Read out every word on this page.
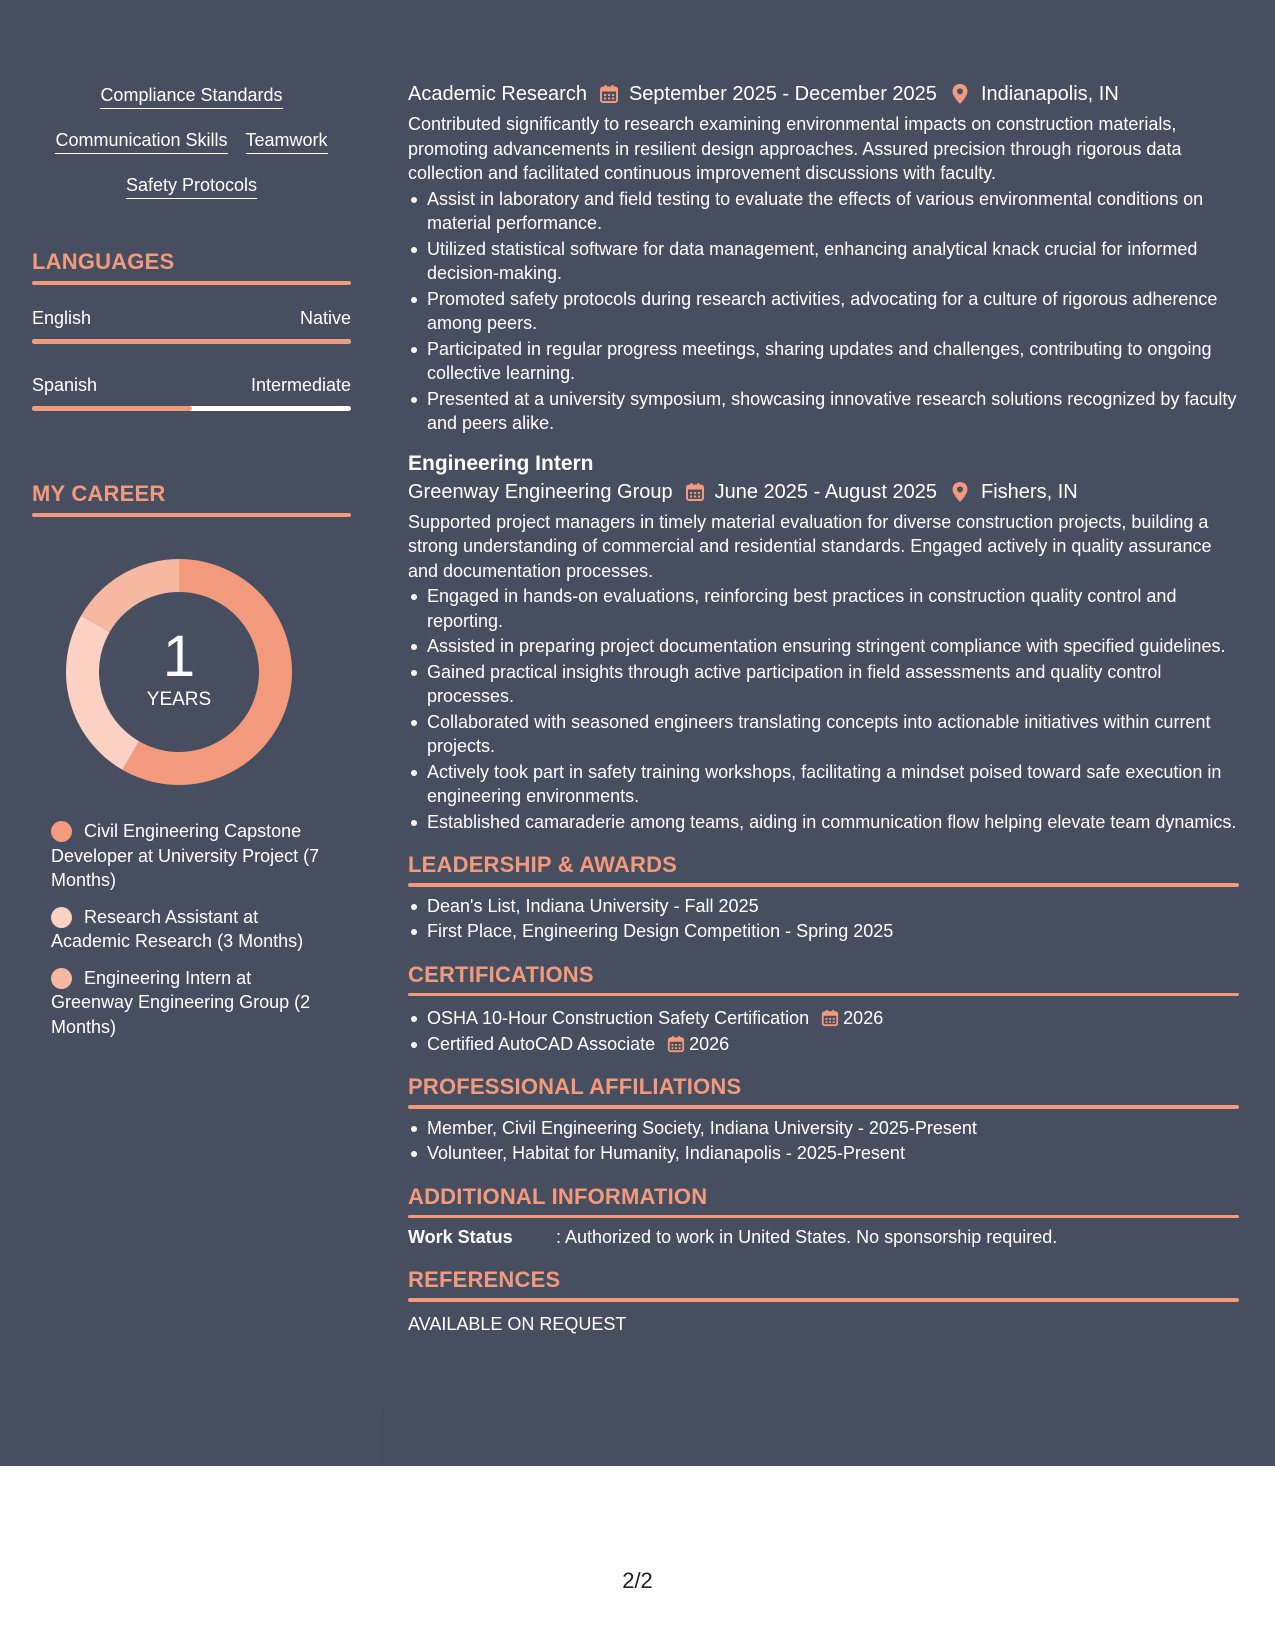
Compliance Standards
Communication Skills Teamwork
Safety Protocols
LANGUAGES
English	Native
Spanish	Intermediate
MY CAREER
1
YEARS
Civil Engineering Capstone Developer at University Project (7 Months)
Research Assistant at Academic Research (3 Months)
Engineering Intern at Greenway Engineering Group (2 Months)
Academic Research September 2025 - December 2025 Indianapolis, IN
Contributed significantly to research examining environmental impacts on construction materials, promoting advancements in resilient design approaches. Assured precision through rigorous data collection and facilitated continuous improvement discussions with faculty.
Assist in laboratory and field testing to evaluate the effects of various environmental conditions on material performance.
Utilized statistical software for data management, enhancing analytical knack crucial for informed decision-making.
Promoted safety protocols during research activities, advocating for a culture of rigorous adherence among peers.
Participated in regular progress meetings, sharing updates and challenges, contributing to ongoing collective learning.
Presented at a university symposium, showcasing innovative research solutions recognized by faculty and peers alike.
Engineering Intern
Greenway Engineering Group June 2025 - August 2025 Fishers, IN
Supported project managers in timely material evaluation for diverse construction projects, building a strong understanding of commercial and residential standards. Engaged actively in quality assurance and documentation processes.
Engaged in hands-on evaluations, reinforcing best practices in construction quality control and reporting.
Assisted in preparing project documentation ensuring stringent compliance with specified guidelines.
Gained practical insights through active participation in field assessments and quality control processes.
Collaborated with seasoned engineers translating concepts into actionable initiatives within current projects.
Actively took part in safety training workshops, facilitating a mindset poised toward safe execution in engineering environments.
Established camaraderie among teams, aiding in communication flow helping elevate team dynamics.
LEADERSHIP & AWARDS
Dean's List, Indiana University - Fall 2025
First Place, Engineering Design Competition - Spring 2025
CERTIFICATIONS
OSHA 10-Hour Construction Safety Certification 2026
Certified AutoCAD Associate 2026
PROFESSIONAL AFFILIATIONS
Member, Civil Engineering Society, Indiana University - 2025-Present
Volunteer, Habitat for Humanity, Indianapolis - 2025-Present
ADDITIONAL INFORMATION
Work Status	: Authorized to work in United States. No sponsorship required.
REFERENCES
AVAILABLE ON REQUEST
2/2
